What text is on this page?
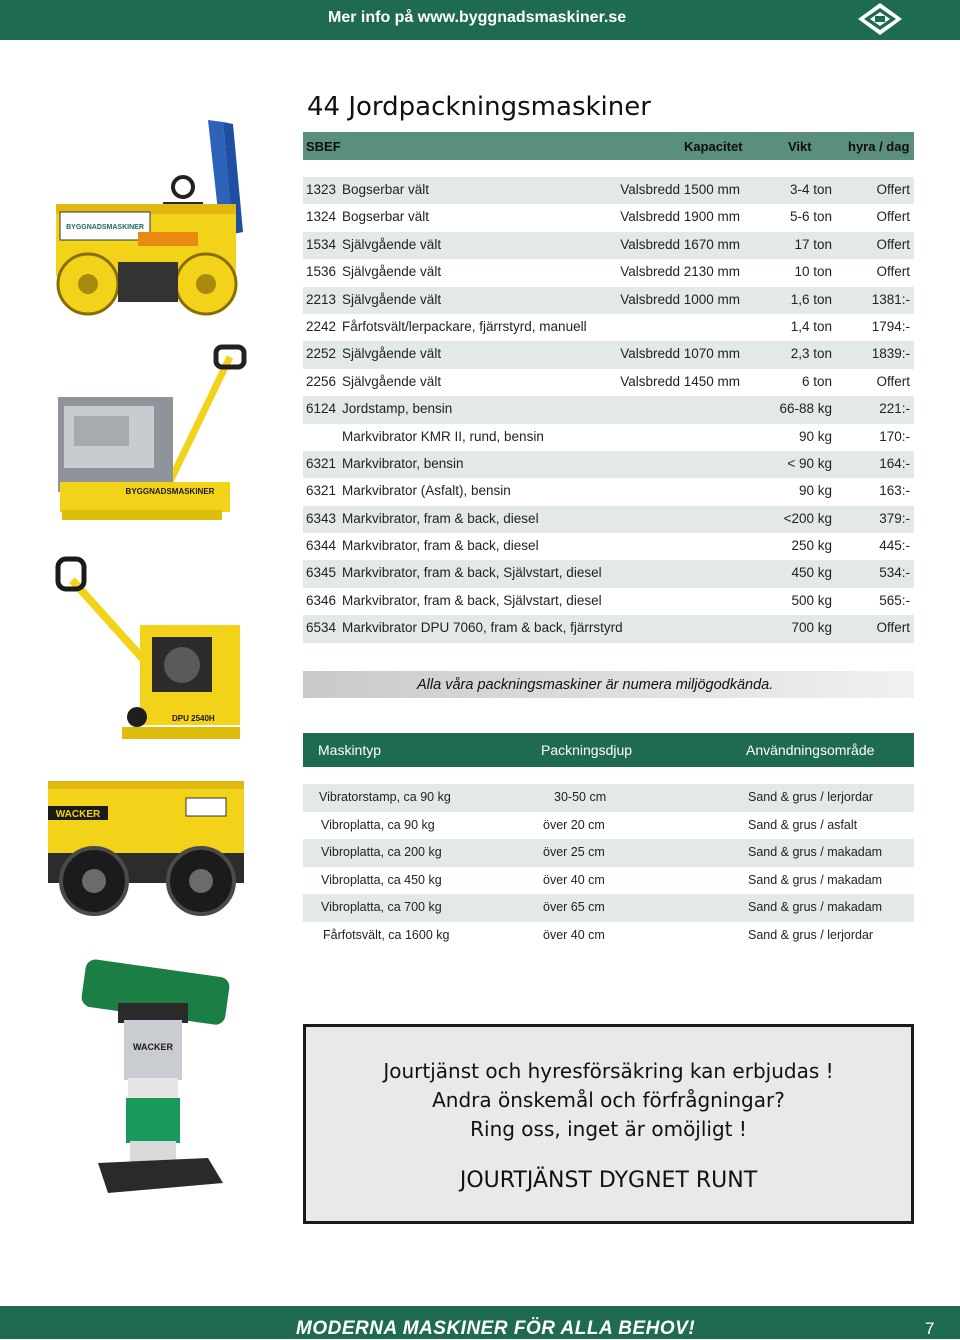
Mer info på www.byggnadsmaskiner.se
44 Jordpackningsmaskiner
SBEF	Kapacitet	Vikt	hyra / dag
1323 Bogserbar vält	Valsbredd 1500 mm	3-4 ton	Offert
1324 Bogserbar vält	Valsbredd 1900 mm	5-6 ton	Offert
1534 Självgående vält	Valsbredd 1670 mm	17 ton	Offert
1536 Självgående vält	Valsbredd 2130 mm	10 ton	Offert
2213 Självgående vält	Valsbredd 1000 mm	1,6 ton	1381:-
2242 Fårfotsvält/lerpackare, fjärrstyrd, manuell	1,4 ton	1794:-
2252 Självgående vält	Valsbredd 1070 mm	2,3 ton	1839:-
2256 Självgående vält	Valsbredd 1450 mm	6 ton	Offert
6124 Jordstamp, bensin	66-88 kg	221:-
Markvibrator KMR II, rund, bensin	90 kg	170:-
6321 Markvibrator, bensin	< 90 kg	164:-
6321 Markvibrator (Asfalt), bensin	90 kg	163:-
6343 Markvibrator, fram & back, diesel	<200 kg	379:-
6344 Markvibrator, fram & back, diesel	250 kg	445:-
6345 Markvibrator, fram & back, Självstart, diesel	450 kg	534:-
6346 Markvibrator, fram & back, Självstart, diesel	500 kg	565:-
6534 Markvibrator DPU 7060, fram & back, fjärrstyrd	700 kg	Offert
Alla våra packningsmaskiner är numera miljögodkända.
Maskintyp	Packningsdjup	Användningsområde
Vibratorstamp, ca 90 kg	30-50 cm	Sand & grus / lerjordar
Vibroplatta, ca 90 kg	över 20 cm	Sand & grus / asfalt
Vibroplatta, ca 200 kg	över 25 cm	Sand & grus / makadam
Vibroplatta, ca 450 kg	över 40 cm	Sand & grus / makadam
Vibroplatta, ca 700 kg	över 65 cm	Sand & grus / makadam
Fårfotsvält, ca 1600 kg	över 40 cm	Sand & grus / lerjordar
Jourtjänst och hyresförsäkring kan erbjudas !
Andra önskemål och förfrågningar?
Ring oss, inget är omöjligt !
JOURTJÄNST DYGNET RUNT
BYGGNADSMASKINER
BYGGNADSMASKINER
DPU 2540H
WACKER
WACKER
MODERNA MASKINER FÖR ALLA BEHOV!	7
